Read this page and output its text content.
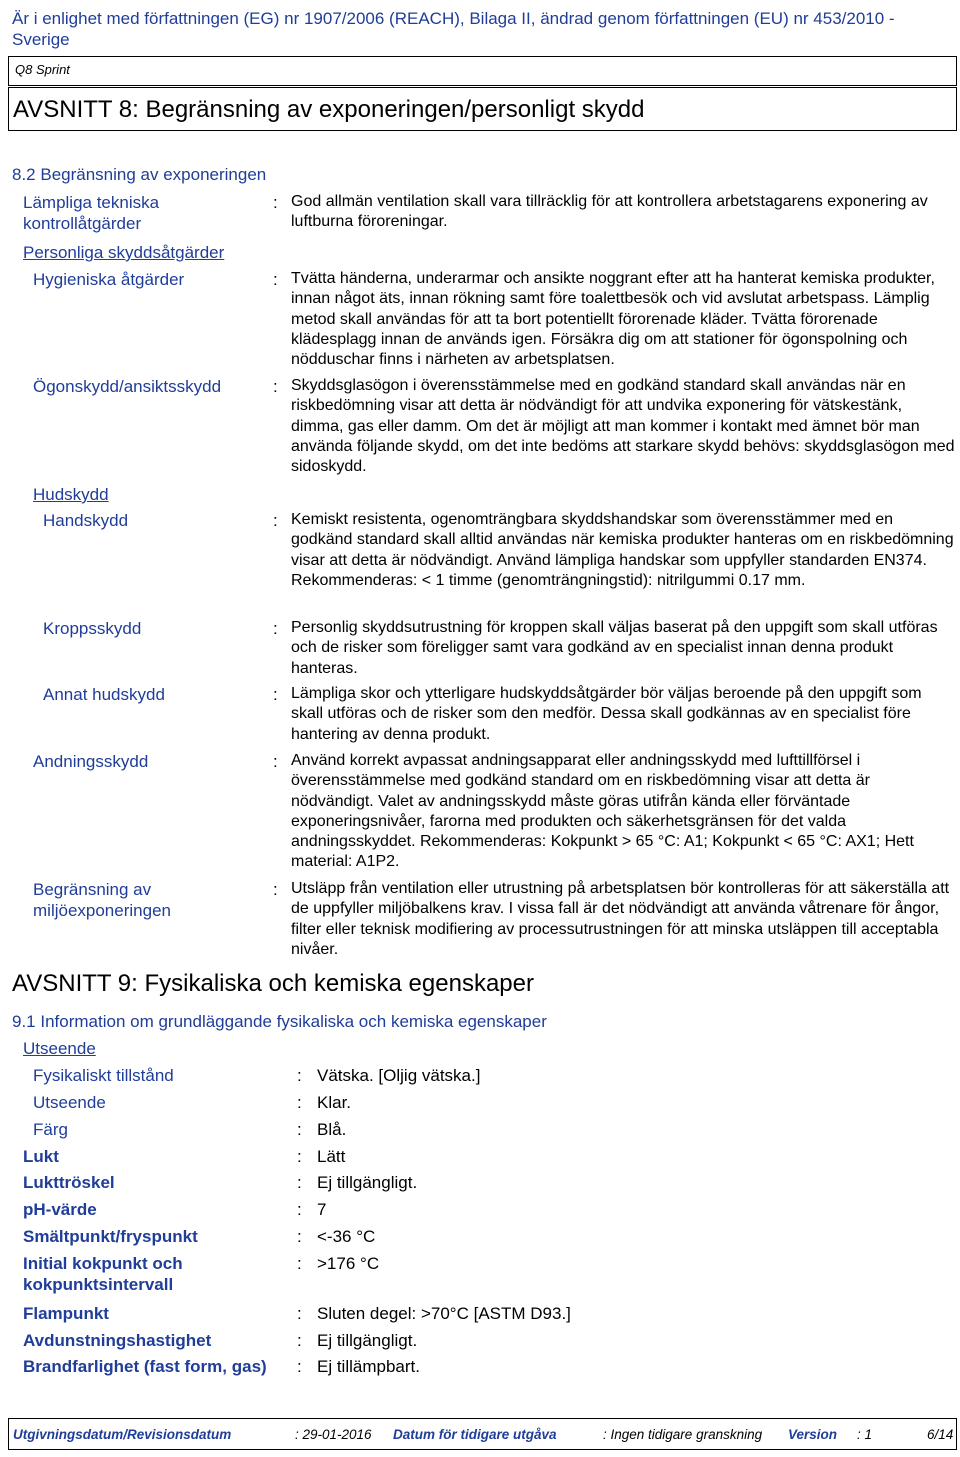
Är i enlighet med författningen (EG) nr 1907/2006 (REACH), Bilaga II, ändrad genom författningen (EU) nr 453/2010 - Sverige
Q8 Sprint
AVSNITT 8: Begränsning av exponeringen/personligt skydd
8.2 Begränsning av exponeringen
Lämpliga tekniska kontrollåtgärder
: God allmän ventilation skall vara tillräcklig för att kontrollera arbetstagarens exponering av luftburna föroreningar.
Personliga skyddsåtgärder
Hygieniska åtgärder	: Tvätta händerna, underarmar och ansikte noggrant efter att ha hanterat kemiska produkter, innan något äts, innan rökning samt före toalettbesök och vid avslutat arbetspass. Lämplig metod skall användas för att ta bort potentiellt förorenade kläder. Tvätta förorenade klädesplagg innan de används igen. Försäkra dig om att stationer för ögonspolning och nödduschar finns i närheten av arbetsplatsen.
Ögonskydd/ansiktsskydd	: Skyddsglasögon i överensstämmelse med en godkänd standard skall användas när en riskbedömning visar att detta är nödvändigt för att undvika exponering för vätskestänk, dimma, gas eller damm. Om det är möjligt att man kommer i kontakt med ämnet bör man använda följande skydd, om det inte bedöms att starkare skydd behövs: skyddsglasögon med sidoskydd.
Hudskydd
Handskydd	: Kemiskt resistenta, ogenomträngbara skyddshandskar som överensstämmer med en godkänd standard skall alltid användas när kemiska produkter hanteras om en riskbedömning visar att detta är nödvändigt. Använd lämpliga handskar som uppfyller standarden EN374. Rekommenderas: < 1 timme (genomträngningstid): nitrilgummi 0.17 mm.
Kroppsskydd	: Personlig skyddsutrustning för kroppen skall väljas baserat på den uppgift som skall utföras och de risker som föreligger samt vara godkänd av en specialist innan denna produkt hanteras.
Annat hudskydd	: Lämpliga skor och ytterligare hudskyddsåtgärder bör väljas beroende på den uppgift som skall utföras och de risker som den medför. Dessa skall godkännas av en specialist före hantering av denna produkt.
Andningsskydd	: Använd korrekt avpassat andningsapparat eller andningsskydd med lufttillförsel i överensstämmelse med godkänd standard om en riskbedömning visar att detta är nödvändigt. Valet av andningsskydd måste göras utifrån kända eller förväntade exponeringsnivåer, farorna med produkten och säkerhetsgränsen för det valda andningsskyddet. Rekommenderas: Kokpunkt > 65 °C: A1; Kokpunkt < 65 °C: AX1; Hett material: A1P2.
Begränsning av miljöexponeringen
: Utsläpp från ventilation eller utrustning på arbetsplatsen bör kontrolleras för att säkerställa att de uppfyller miljöbalkens krav. I vissa fall är det nödvändigt att använda våtrenare för ångor, filter eller teknisk modifiering av processutrustningen för att minska utsläppen till acceptabla nivåer.
AVSNITT 9: Fysikaliska och kemiska egenskaper
9.1 Information om grundläggande fysikaliska och kemiska egenskaper
Utseende
Fysikaliskt tillstånd	: Vätska. [Oljig vätska.]
Utseende	: Klar.
Färg	: Blå.
Lukt	: Lätt
Lukttröskel	: Ej tillgängligt.
pH-värde	: 7
Smältpunkt/fryspunkt	: <-36 °C
Initial kokpunkt och kokpunktsintervall
: >176 °C
Flampunkt	: Sluten degel: >70°C [ASTM D93.]
Avdunstningshastighet	: Ej tillgängligt.
Brandfarlighet (fast form, gas) : Ej tillämpbart.
Utgivningsdatum/Revisionsdatum	: 29-01-2016 Datum för tidigare utgåva	: Ingen tidigare granskning Version : 1	6/14
